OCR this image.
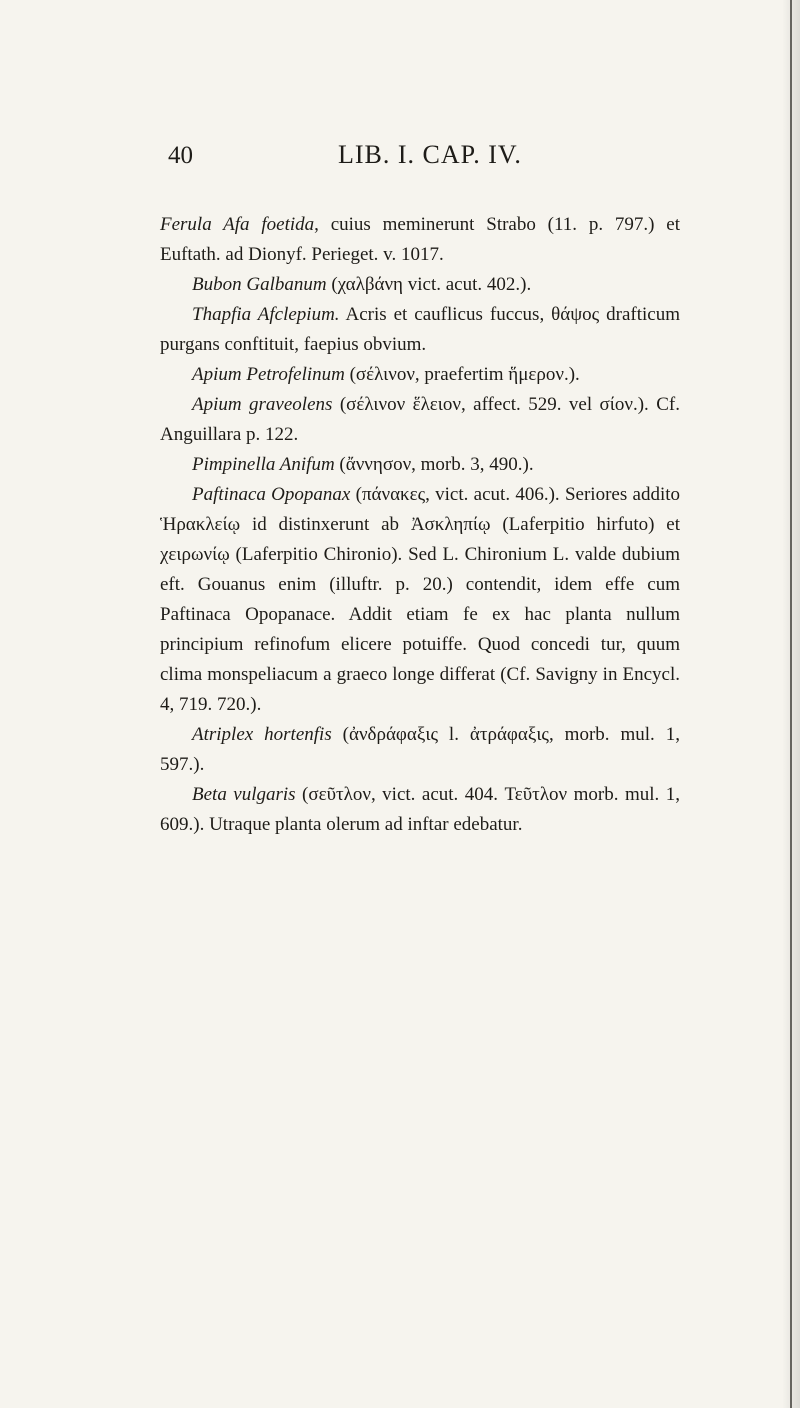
40	LIB. I. CAP. IV.

Ferula Afa foetida, cuius meminerunt Strabo (11. p. 797.) et Euftath. ad Dionyf. Perieget. v. 1017.

Bubon Galbanum (χαλβάνη vict. acut. 402.).

Thapfia Afclepium. Acris et cauflicus fuccus, θάψος drafticum purgans conftituit, faepius obvium.

Apium Petrofelinum (σέλινον, praefertim ἥμερον.).

Apium graveolens (σέλινον ἕλειον, affect. 529. vel σίον.). Cf. Anguillara p. 122.

Pimpinella Anifum (ἄννησον, morb. 3, 490.).

Paftinaca Opopanax (πάνακες, vict. acut. 406.). Seriores addito Ἡρακλείῳ id distinxerunt ab Ἀσκληπίῳ (Laferpitio hirfuto) et χειρωνίῳ (Laferpitio Chironio). Sed L. Chironium L. valde dubium eft. Gouanus enim (illuftr. p. 20.) contendit, idem effe cum Paftinaca Opopanace. Addit etiam fe ex hac planta nullum principium refinofum elicere potuiffe. Quod concedi tur, quum clima monspeliacum a graeco longe differat (Cf. Savigny in Encycl. 4, 719. 720.).

Atriplex hortenfis (ἀνδράφαξις l. ἀτράφαξις, morb. mul. 1, 597.).

Beta vulgaris (σεῦτλον, vict. acut. 404. Τεῦτλον morb. mul. 1, 609.). Utraque planta olerum ad inftar edebatur.
